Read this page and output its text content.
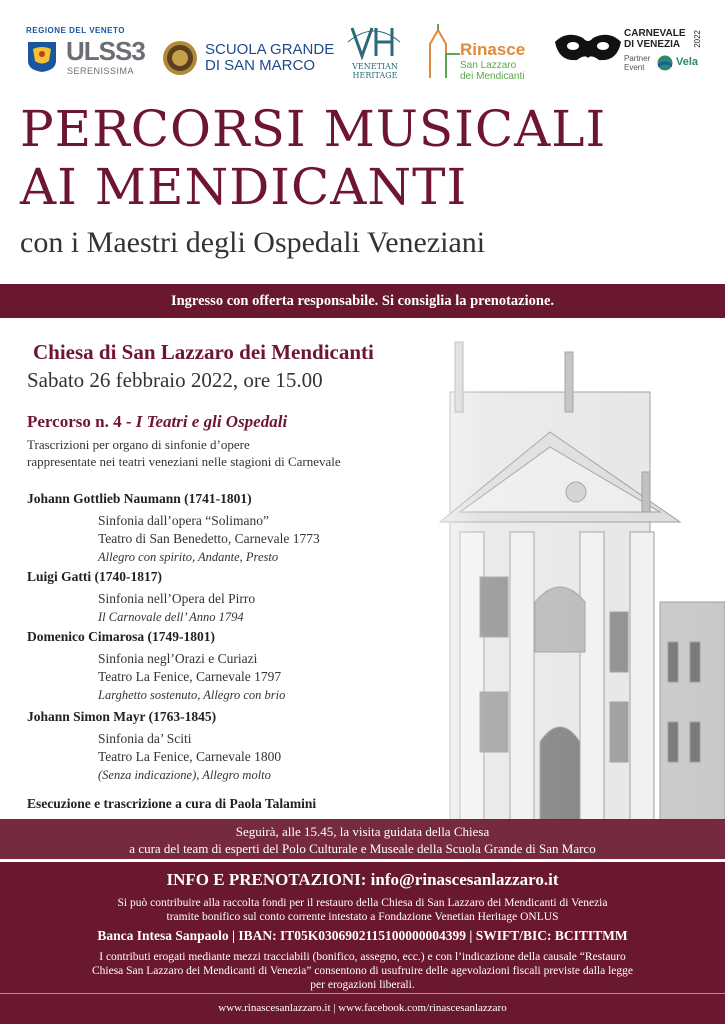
REGIONE DEL VENETO
ULSS3
SERENISSIMA
SCUOLA GRANDE
DI SAN MARCO	VENETIAN
HERITAGE
Rinasce
San Lazzaro
dei Mendicanti
CARNEVALE
DI VENEZIA	2022
Partner
Event	Vela
PERCORSI MUSICALI
AI MENDICANTI
con i Maestri degli Ospedali Veneziani
Ingresso con offerta responsabile. Si consiglia la prenotazione.
Chiesa di San Lazzaro dei Mendicanti
Sabato 26 febbraio 2022, ore 15.00
Percorso n. 4 - I Teatri e gli Ospedali
Trascrizioni per organo di sinfonie d’opere
rappresentate nei teatri veneziani nelle stagioni di Carnevale
Johann Gottlieb Naumann (1741-1801)
Sinfonia dall’opera “Solimano”
Teatro di San Benedetto, Carnevale 1773
Allegro con spirito, Andante, Presto
Luigi Gatti (1740-1817)
Sinfonia nell’Opera del Pirro
Il Carnovale dell’ Anno 1794
Domenico Cimarosa (1749-1801)
Sinfonia negl’Orazi e Curiazi
Teatro La Fenice, Carnevale 1797
Larghetto sostenuto, Allegro con brio
Johann Simon Mayr (1763-1845)
Sinfonia da’ Sciti
Teatro La Fenice, Carnevale 1800
(Senza indicazione), Allegro molto
Esecuzione e trascrizione a cura di Paola Talamini
Seguirà, alle 15.45, la visita guidata della Chiesa
a cura del team di esperti del Polo Culturale e Museale della Scuola Grande di San Marco
INFO E PRENOTAZIONI: info@rinascesanlazzaro.it
Si può contribuire alla raccolta fondi per il restauro della Chiesa di San Lazzaro dei Mendicanti di Venezia
tramite bonifico sul conto corrente intestato a Fondazione Venetian Heritage ONLUS
Banca Intesa Sanpaolo | IBAN: IT05K0306902115100000004399 | SWIFT/BIC: BCITITMM
I contributi erogati mediante mezzi tracciabili (bonifico, assegno, ecc.) e con l’indicazione della causale “Restauro
Chiesa San Lazzaro dei Mendicanti di Venezia” consentono di usufruire delle agevolazioni fiscali previste dalla legge
per erogazioni liberali.
www.rinascesanlazzaro.it | www.facebook.com/rinascesanlazzaro
